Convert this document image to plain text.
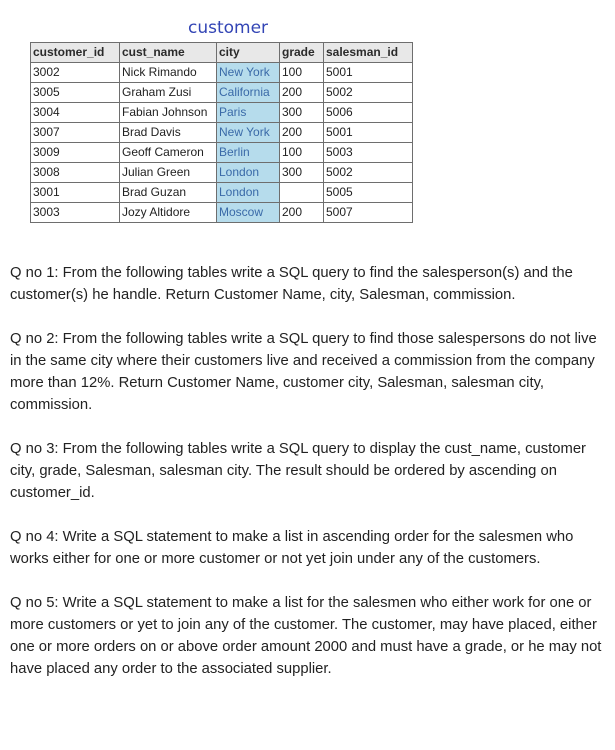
customer
customer_id	cust_name	city	grade	salesman_id
3002	Nick Rimando	New York	100	5001
3005	Graham Zusi	California	200	5002
3004	Fabian Johnson	Paris	300	5006
3007	Brad Davis	New York	200	5001
3009	Geoff Cameron	Berlin	100	5003
3008	Julian Green	London	300	5002
3001	Brad Guzan	London		5005
3003	Jozy Altidore	Moscow	200	5007

Q no 1: From the following tables write a SQL query to find the salesperson(s) and the customer(s) he handle. Return Customer Name, city, Salesman, commission.

Q no 2: From the following tables write a SQL query to find those salespersons do not live in the same city where their customers live and received a commission from the company more than 12%. Return Customer Name, customer city, Salesman, salesman city, commission.

Q no 3: From the following tables write a SQL query to display the cust_name, customer city, grade, Salesman, salesman city. The result should be ordered by ascending on customer_id.

Q no 4: Write a SQL statement to make a list in ascending order for the salesmen who works either for one or more customer or not yet join under any of the customers.

Q no 5: Write a SQL statement to make a list for the salesmen who either work for one or more customers or yet to join any of the customer. The customer, may have placed, either one or more orders on or above order amount 2000 and must have a grade, or he may not have placed any order to the associated supplier.
